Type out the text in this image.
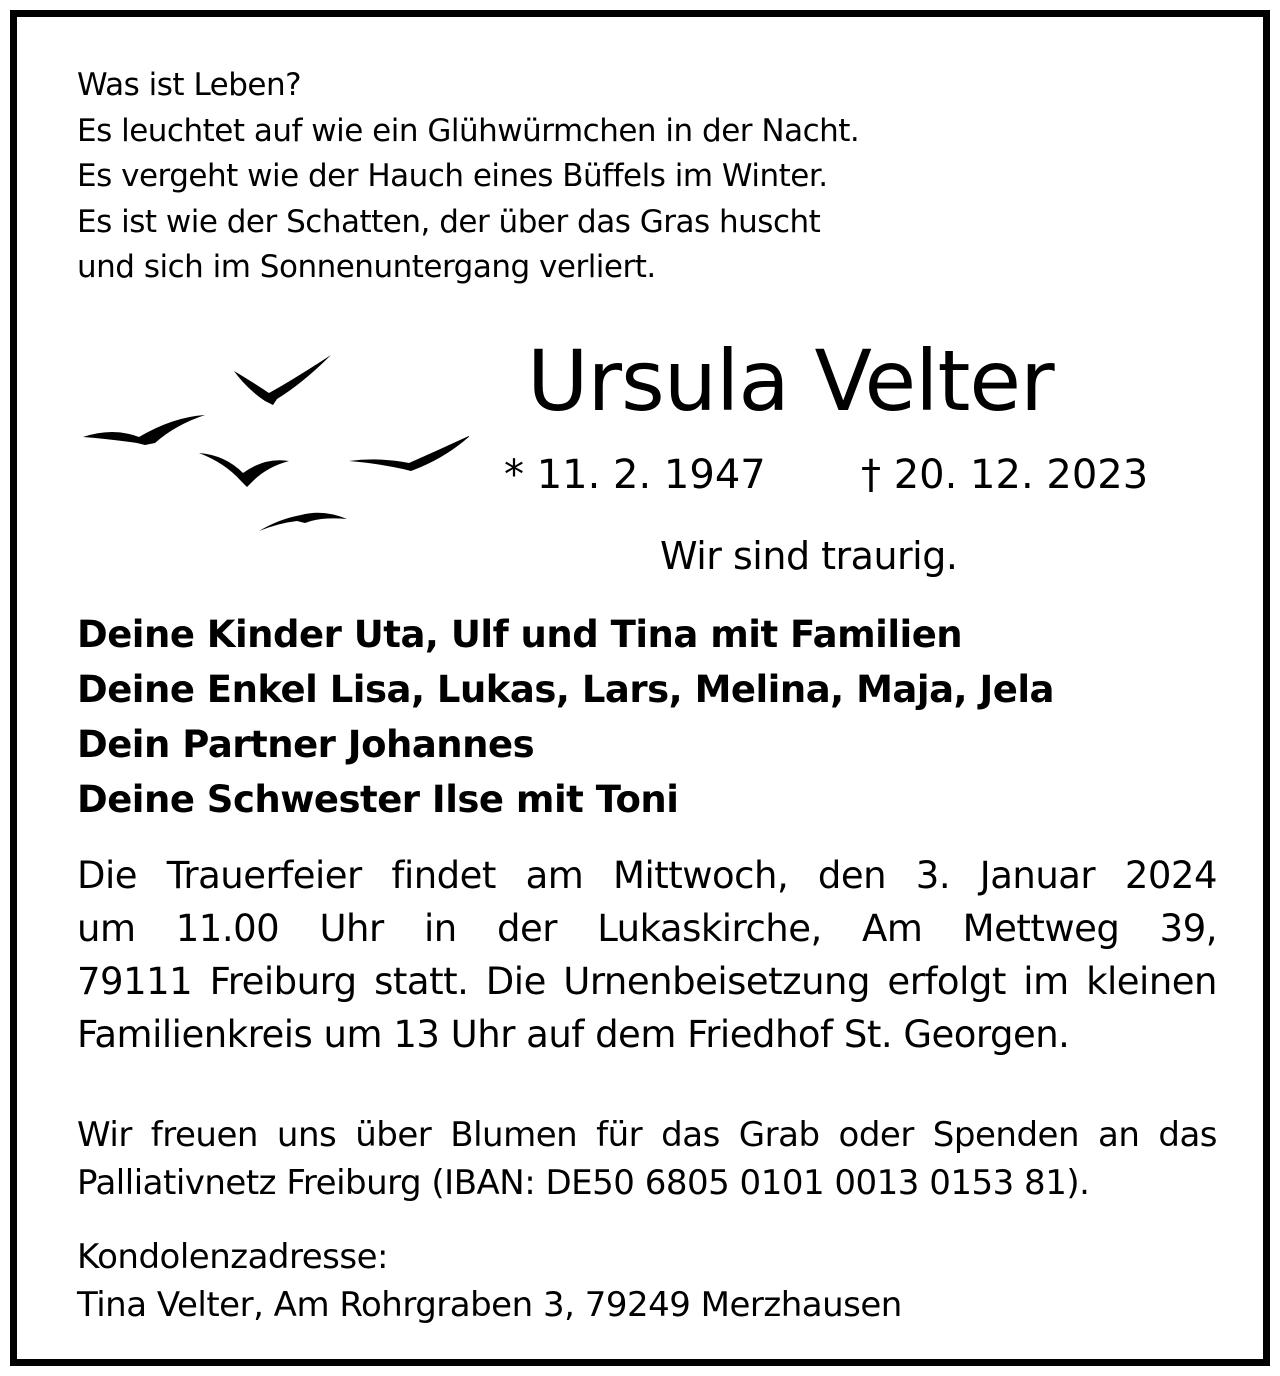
Was ist Leben?
Es leuchtet auf wie ein Glühwürmchen in der Nacht.
Es vergeht wie der Hauch eines Büffels im Winter.
Es ist wie der Schatten, der über das Gras huscht
und sich im Sonnenuntergang verliert.
Ursula Velter
* 11. 2. 1947 † 20. 12. 2023
Wir sind traurig.
Deine Kinder Uta, Ulf und Tina mit Familien
Deine Enkel Lisa, Lukas, Lars, Melina, Maja, Jela
Dein Partner Johannes
Deine Schwester Ilse mit Toni
Die Trauerfeier findet am Mittwoch, den 3. Januar 2024
um 11.00 Uhr in der Lukaskirche, Am Mettweg 39,
79111 Freiburg statt. Die Urnenbeisetzung erfolgt im kleinen
Familienkreis um 13 Uhr auf dem Friedhof St. Georgen.
Wir freuen uns über Blumen für das Grab oder Spenden an das
Palliativnetz Freiburg (IBAN: DE50 6805 0101 0013 0153 81).
Kondolenzadresse:
Tina Velter, Am Rohrgraben 3, 79249 Merzhausen
